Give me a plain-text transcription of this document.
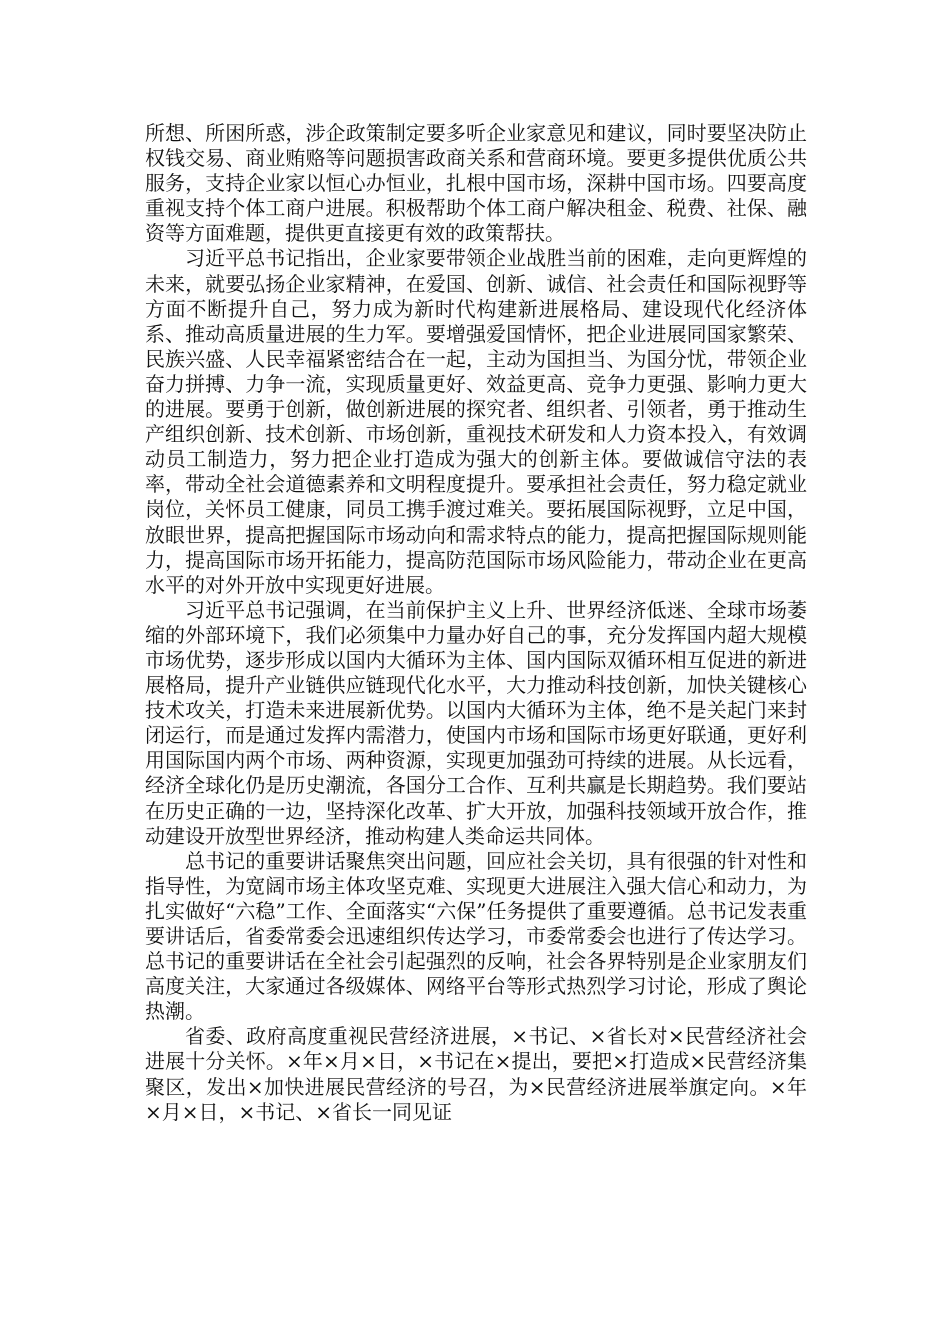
所想、所困所惑，涉企政策制定要多听企业家意见和建议，同时要坚决防止权钱交易、商业贿赂等问题损害政商关系和营商环境。要更多提供优质公共服务，支持企业家以恒心办恒业，扎根中国市场，深耕中国市场。四要高度重视支持个体工商户进展。积极帮助个体工商户解决租金、税费、社保、融资等方面难题，提供更直接更有效的政策帮扶。

习近平总书记指出，企业家要带领企业战胜当前的困难，走向更辉煌的未来，就要弘扬企业家精神，在爱国、创新、诚信、社会责任和国际视野等方面不断提升自己，努力成为新时代构建新进展格局、建设现代化经济体系、推动高质量进展的生力军。要增强爱国情怀，把企业进展同国家繁荣、民族兴盛、人民幸福紧密结合在一起，主动为国担当、为国分忧，带领企业奋力拼搏、力争一流，实现质量更好、效益更高、竞争力更强、影响力更大的进展。要勇于创新，做创新进展的探究者、组织者、引领者，勇于推动生产组织创新、技术创新、市场创新，重视技术研发和人力资本投入，有效调动员工制造力，努力把企业打造成为强大的创新主体。要做诚信守法的表率，带动全社会道德素养和文明程度提升。要承担社会责任，努力稳定就业岗位，关怀员工健康，同员工携手渡过难关。要拓展国际视野，立足中国，放眼世界，提高把握国际市场动向和需求特点的能力，提高把握国际规则能力，提高国际市场开拓能力，提高防范国际市场风险能力，带动企业在更高水平的对外开放中实现更好进展。

习近平总书记强调，在当前保护主义上升、世界经济低迷、全球市场萎缩的外部环境下，我们必须集中力量办好自己的事，充分发挥国内超大规模市场优势，逐步形成以国内大循环为主体、国内国际双循环相互促进的新进展格局，提升产业链供应链现代化水平，大力推动科技创新，加快关键核心技术攻关，打造未来进展新优势。以国内大循环为主体，绝不是关起门来封闭运行，而是通过发挥内需潜力，使国内市场和国际市场更好联通，更好利用国际国内两个市场、两种资源，实现更加强劲可持续的进展。从长远看，经济全球化仍是历史潮流，各国分工合作、互利共赢是长期趋势。我们要站在历史正确的一边，坚持深化改革、扩大开放，加强科技领域开放合作，推动建设开放型世界经济，推动构建人类命运共同体。

总书记的重要讲话聚焦突出问题，回应社会关切，具有很强的针对性和指导性，为宽阔市场主体攻坚克难、实现更大进展注入强大信心和动力，为扎实做好“六稳”工作、全面落实“六保”任务提供了重要遵循。总书记发表重要讲话后，省委常委会迅速组织传达学习，市委常委会也进行了传达学习。总书记的重要讲话在全社会引起强烈的反响，社会各界特别是企业家朋友们高度关注，大家通过各级媒体、网络平台等形式热烈学习讨论，形成了舆论热潮。

省委、政府高度重视民营经济进展，×书记、×省长对×民营经济社会进展十分关怀。×年×月×日，×书记在×提出，要把×打造成×民营经济集聚区，发出×加快进展民营经济的号召，为×民营经济进展举旗定向。×年×月×日，×书记、×省长一同见证
